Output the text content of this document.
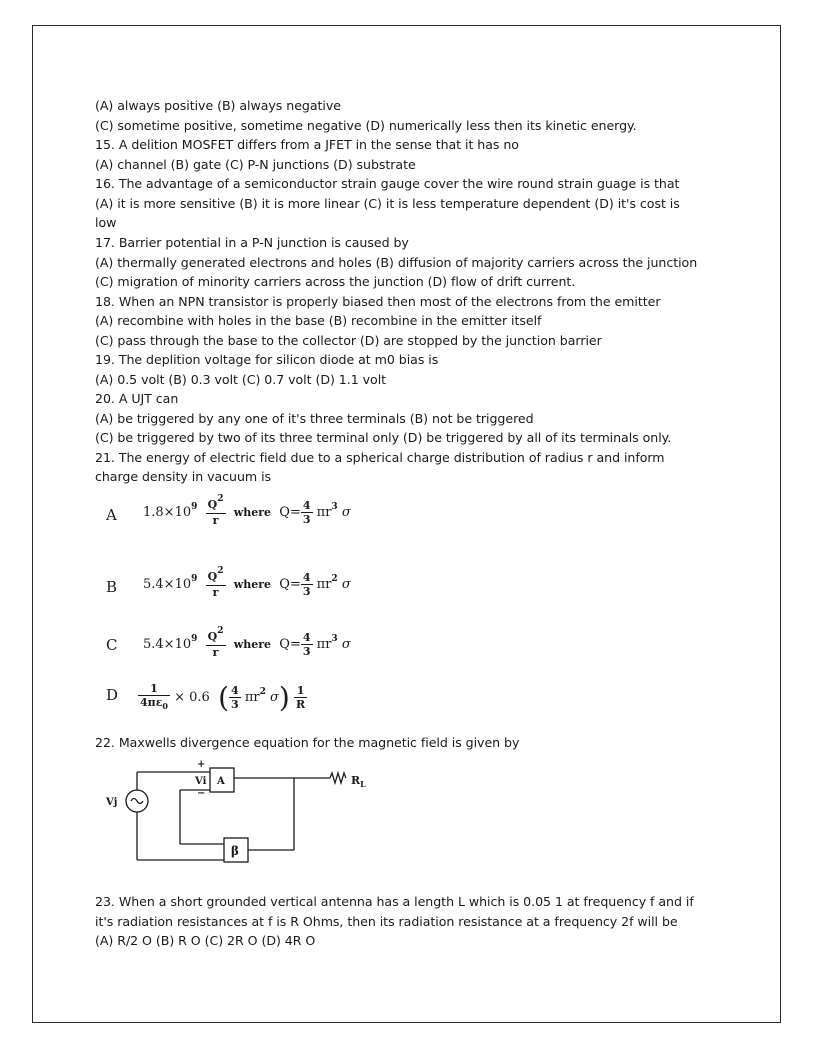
(A) always positive (B) always negative
(C) sometime positive, sometime negative (D) numerically less then its kinetic energy.
15. A delition MOSFET differs from a JFET in the sense that it has no
(A) channel (B) gate (C) P-N junctions (D) substrate
16. The advantage of a semiconductor strain gauge cover the wire round strain guage is that
(A) it is more sensitive (B) it is more linear (C) it is less temperature dependent (D) it's cost is
low
17. Barrier potential in a P-N junction is caused by
(A) thermally generated electrons and holes (B) diffusion of majority carriers across the junction
(C) migration of minority carriers across the junction (D) flow of drift current.
18. When an NPN transistor is properly biased then most of the electrons from the emitter
(A) recombine with holes in the base (B) recombine in the emitter itself
(C) pass through the base to the collector (D) are stopped by the junction barrier
19. The deplition voltage for silicon diode at m0 bias is
(A) 0.5 volt (B) 0.3 volt (C) 0.7 volt (D) 1.1 volt
20. A UJT can
(A) be triggered by any one of it's three terminals (B) not be triggered
(C) be triggered by two of its three terminal only (D) be triggered by all of its terminals only.
21. The energy of electric field due to a spherical charge distribution of radius r and inform
charge density in vacuum is
A $1.8\times 10^9 \frac{Q^2}{r}$ where $Q= \frac{4}{3} \pi r^3$ σ
B $5.4\times 10^9 \frac{Q^2}{r}$ where $Q= \frac{4}{3} \pi r^2$ σ
C $5.4\times 10^9 \frac{Q^2}{r}$ where $Q= \frac{4}{3} \pi r^3$ σ
D $\frac{1}{4\pi\varepsilon_0} \times 0.6$ ( $\frac{4}{3} \pi r^2$ $\sigma) \frac{1}{R}$
22. Maxwells divergence equation for the magnetic field is given by
+
Vi
−
A	$R_L$
Vj
β
23. When a short grounded vertical antenna has a length L which is 0.05 1 at frequency f and if
it's radiation resistances at f is R Ohms, then its radiation resistance at a frequency 2f will be
(A) R/2 O (B) R O (C) 2R O (D) 4R O
